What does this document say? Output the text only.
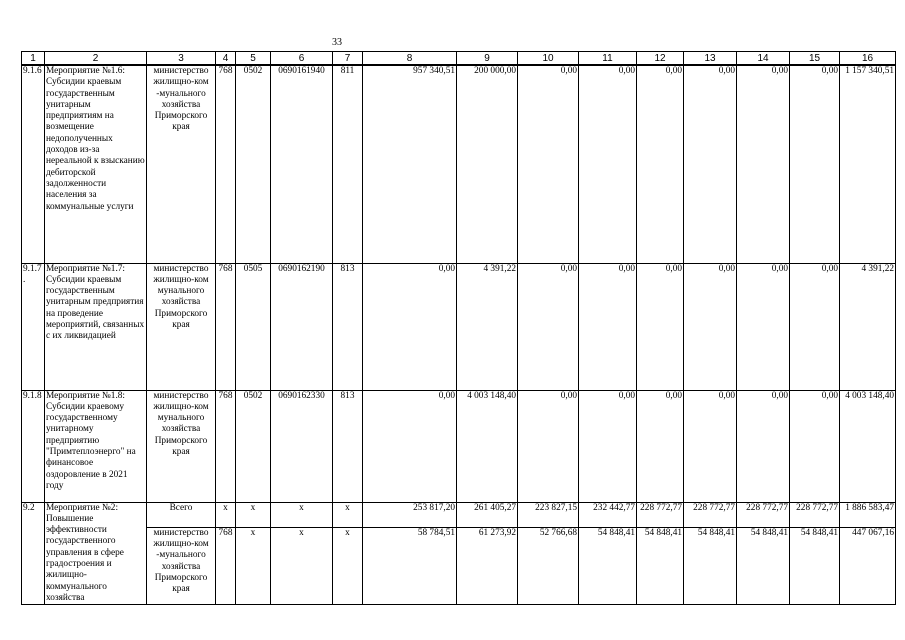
33
1	2	3	4	5	6	7	8	9	10	11	12	13	14	15	16
9.1.6	Мероприятие №1.6: Субсидии краевым государственным унитарным предприятиям на возмещение недополученных доходов из-за нереальной к взысканию дебиторской задолженности населения за коммунальные услуги	министерство жилищно-ком -мунального хозяйства Приморского края	768	0502	0690161940	811	957 340,51	200 000,00	0,00	0,00	0,00	0,00	0,00	0,00	1 157 340,51
9.1.7.	Мероприятие №1.7: Субсидии краевым государственным унитарным предприятия на проведение мероприятий, связанных с их ликвидацией	министерство жилищно-ком мунального хозяйства Приморского края	768	0505	0690162190	813	0,00	4 391,22	0,00	0,00	0,00	0,00	0,00	0,00	4 391,22
9.1.8	Мероприятие №1.8: Субсидии краевому государственному унитарному предприятию "Примтеплоэнерго" на финансовое оздоровление в 2021 году	министерство жилищно-ком мунального хозяйства Приморского края	768	0502	0690162330	813	0,00	4 003 148,40	0,00	0,00	0,00	0,00	0,00	0,00	4 003 148,40
9.2	Мероприятие №2: Повышение эффективности государственного управления в сфере градостроения и жилищно-коммунального хозяйства	Всего	х	х	х	х	253 817,20	261 405,27	223 827,15	232 442,77	228 772,77	228 772,77	228 772,77	228 772,77	1 886 583,47
		министерство жилищно-ком -мунального хозяйства Приморского края	768	х	х	х	58 784,51	61 273,92	52 766,68	54 848,41	54 848,41	54 848,41	54 848,41	54 848,41	447 067,16
